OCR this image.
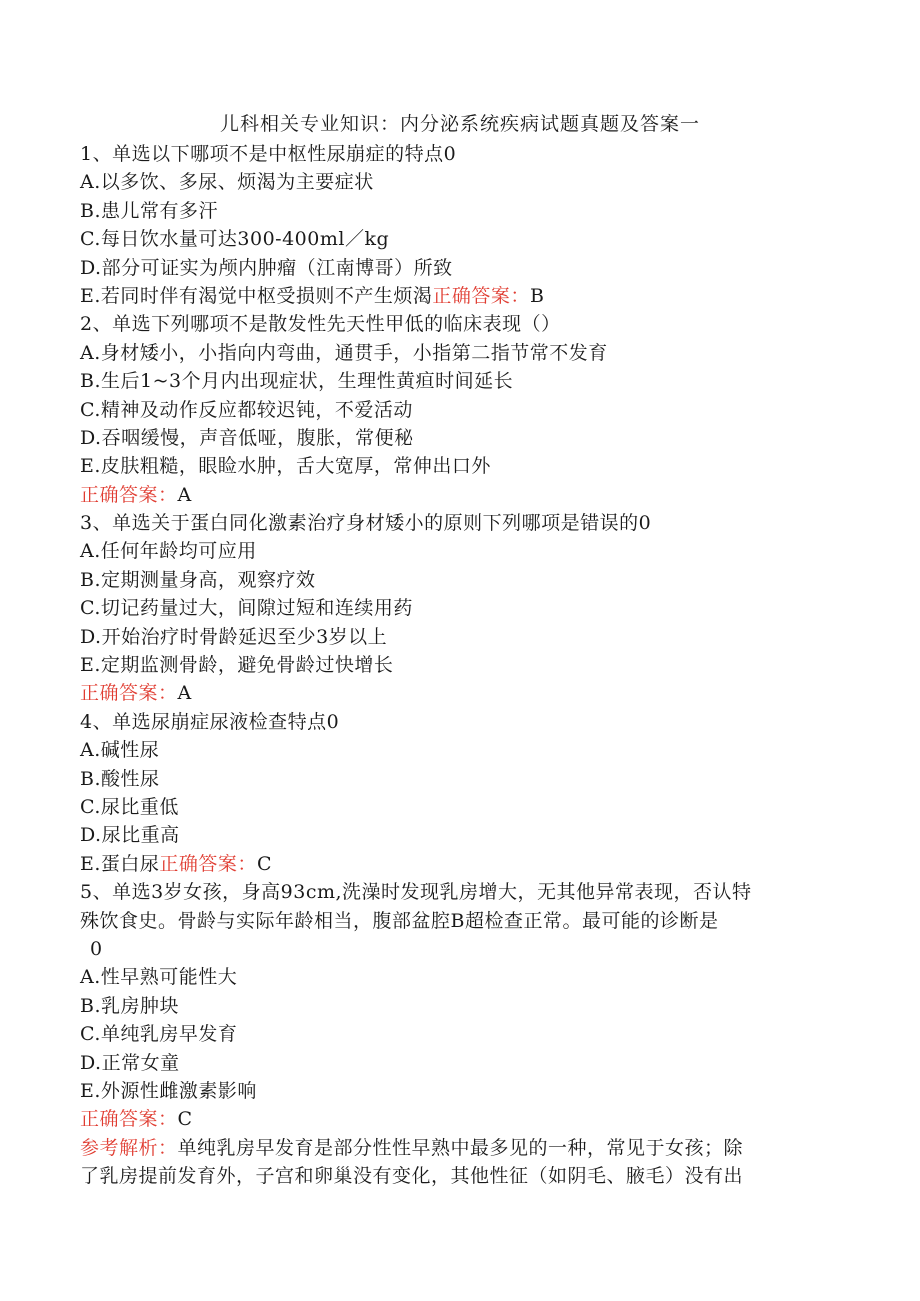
儿科相关专业知识：内分泌系统疾病试题真题及答案一
1、单选以下哪项不是中枢性尿崩症的特点0
A.以多饮、多尿、烦渴为主要症状
B.患儿常有多汗
C.每日饮水量可达300-400ml／kg
D.部分可证实为颅内肿瘤（江南博哥）所致
E.若同时伴有渴觉中枢受损则不产生烦渴正确答案：B
2、单选下列哪项不是散发性先天性甲低的临床表现（）
A.身材矮小，小指向内弯曲，通贯手，小指第二指节常不发育
B.生后1~3个月内出现症状，生理性黄疸时间延长
C.精神及动作反应都较迟钝，不爱活动
D.吞咽缓慢，声音低哑，腹胀，常便秘
E.皮肤粗糙，眼睑水肿，舌大宽厚，常伸出口外
正确答案：A
3、单选关于蛋白同化激素治疗身材矮小的原则下列哪项是错误的0
A.任何年龄均可应用
B.定期测量身高，观察疗效
C.切记药量过大，间隙过短和连续用药
D.开始治疗时骨龄延迟至少3岁以上
E.定期监测骨龄，避免骨龄过快增长
正确答案：A
4、单选尿崩症尿液检查特点0
A.碱性尿
B.酸性尿
C.尿比重低
D.尿比重高
E.蛋白尿正确答案：C
5、单选3岁女孩，身高93cm,洗澡时发现乳房增大，无其他异常表现，否认特
殊饮食史。骨龄与实际年龄相当，腹部盆腔B超检查正常。最可能的诊断是
0
A.性早熟可能性大
B.乳房肿块
C.单纯乳房早发育
D.正常女童
E.外源性雌激素影响
正确答案：C
参考解析：单纯乳房早发育是部分性性早熟中最多见的一种，常见于女孩；除
了乳房提前发育外，子宫和卵巢没有变化，其他性征（如阴毛、腋毛）没有出
